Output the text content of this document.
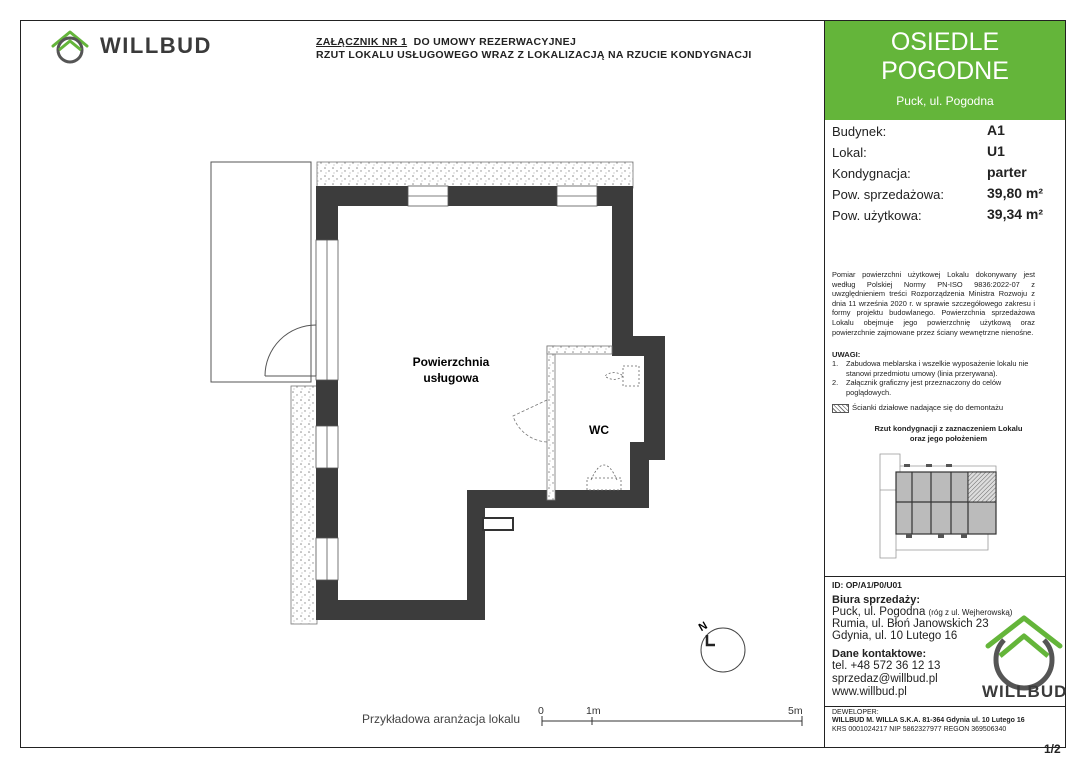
WILLBUD	ZAŁĄCZNIK NR 1 DO UMOWY REZERWACYJNEJ
RZUT LOKALU USŁUGOWEGO WRAZ Z LOKALIZACJĄ NA RZUCIE KONDYGNACJI	OSIEDLE
POGODNE
Puck, ul. Pogodna
Budynek:	A1
Lokal:	U1
Kondygnacja:	parter
Pow. sprzedażowa:	39,80 m²
Pow. użytkowa:	39,34 m²
Pomiar powierzchni użytkowej Lokalu dokonywany jest według Polskiej Normy PN-ISO 9836:2022-07 z uwzględnieniem treści Rozporządzenia Ministra Rozwoju z dnia 11 września 2020 r. w sprawie szczegółowego zakresu i formy projektu budowlanego. Powierzchnia sprzedażowa Lokalu obejmuje jego powierzchnię użytkową oraz powierzchnie zajmowane przez ściany wewnętrzne nienośne.
UWAGI:
1. Zabudowa meblarska i wszelkie wyposażenie lokalu nie stanowi przedmiotu umowy (linia przerywana).
2. Załącznik graficzny jest przeznaczony do celów poglądowych.
Ścianki działowe nadające się do demontażu
Rzut kondygnacji z zaznaczeniem Lokalu
oraz jego położeniem
ID: OP/A1/P0/U01
Biura sprzedaży:
Puck, ul. Pogodna (róg z ul. Wejherowską)
Rumia, ul. Błoń Janowskich 23
Gdynia, ul. 10 Lutego 16
Dane kontaktowe:
tel. +48 572 36 12 13
sprzedaz@willbud.pl
www.willbud.pl	WILLBUD
DEWELOPER:
WILLBUD M. WILLA S.K.A. 81-364 Gdynia ul. 10 Lutego 16
KRS 0001024217 NIP 5862327977 REGON 369506340
1/2
Powierzchnia
usługowa
WC
N
Przykładowa aranżacja lokalu
0	1m	5m
